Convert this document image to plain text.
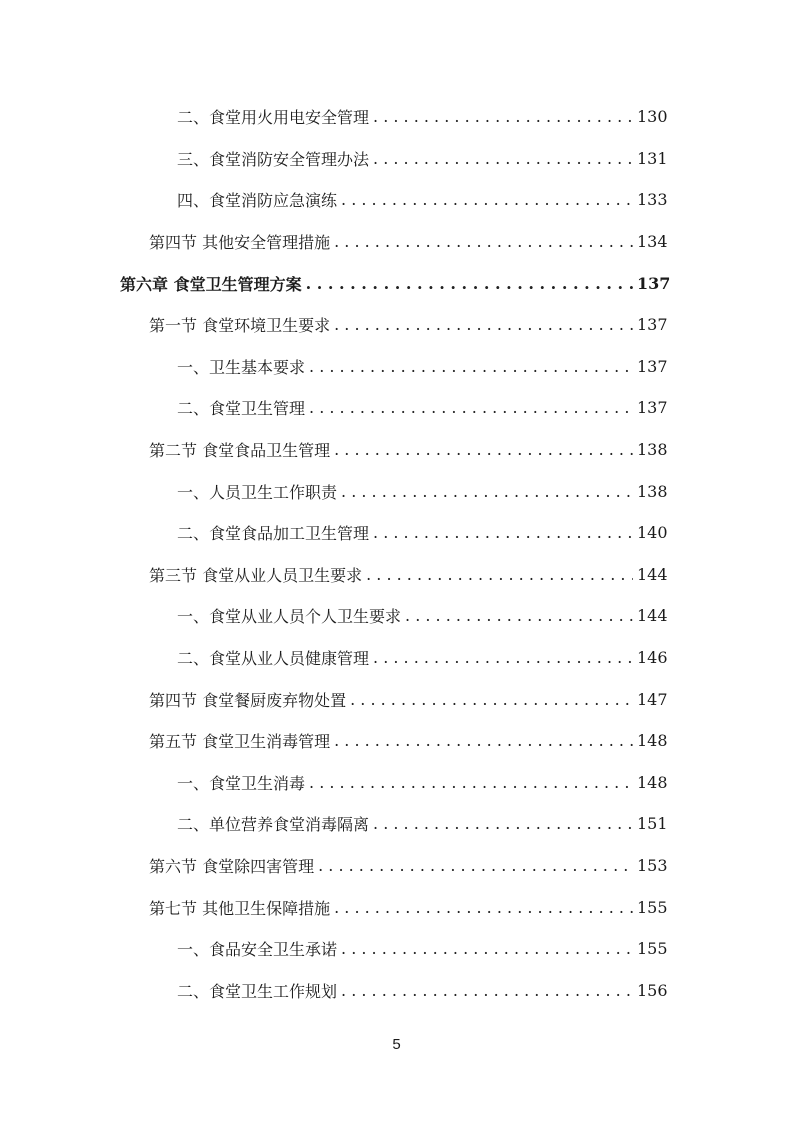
二、食堂用火用电安全管理 . . .	130
三、食堂消防安全管理办法 . . .	131
四、食堂消防应急演练 . . .	133
第四节 其他安全管理措施 . . .	134
第六章 食堂卫生管理方案 . . .	137
第一节 食堂环境卫生要求 . . .	137
一、卫生基本要求 . . .	137
二、食堂卫生管理 . . .	137
第二节 食堂食品卫生管理 . . .	138
一、人员卫生工作职责 . . .	138
二、食堂食品加工卫生管理 . . .	140
第三节 食堂从业人员卫生要求 . . .	144
一、食堂从业人员个人卫生要求 . . .	144
二、食堂从业人员健康管理 . . .	146
第四节 食堂餐厨废弃物处置 . . .	147
第五节 食堂卫生消毒管理 . . .	148
一、食堂卫生消毒 . . .	148
二、单位营养食堂消毒隔离 . . .	151
第六节 食堂除四害管理 . . .	153
第七节 其他卫生保障措施 . . .	155
一、食品安全卫生承诺 . . .	155
二、食堂卫生工作规划 . . .	156
5
